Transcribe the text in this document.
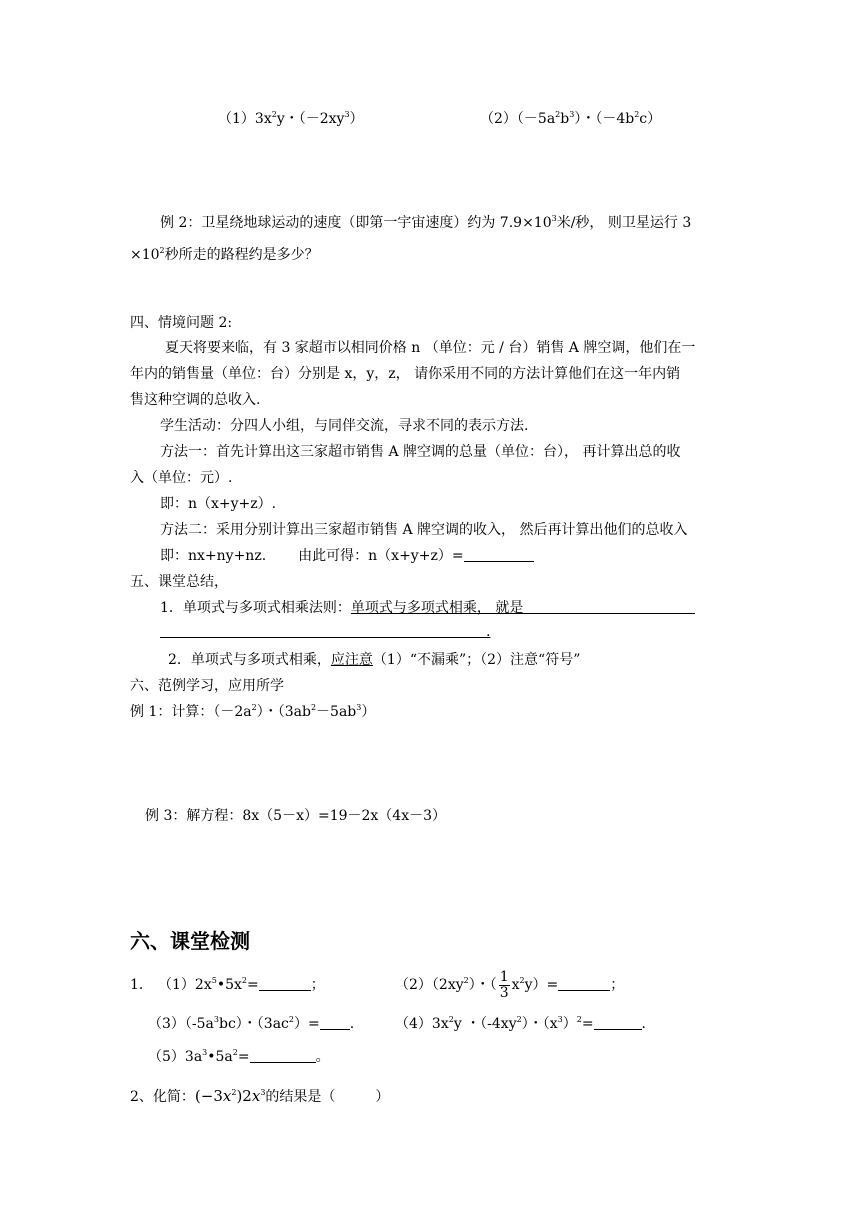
$(1)3x^2y$・$(-2xy^3)$	$(2)(-5a^2b^3)$・$(-4b^2c)$
例 2：卫星绕地球运动的速度（即第一宇宙速度）约为 $7.9\times 10^3$米/秒， 则卫星运行 3
$\times 10^2$秒所走的路程约是多少？
四、情境问题 2:
夏天将要来临，有 3 家超市以相同价格 n （单位：元 / 台）销售 A 牌空调，他们在一
年内的销售量（单位：台）分别是 x，y，z， 请你采用不同的方法计算他们在这一年内销
售这种空调的总收入.
学生活动：分四人小组，与同伴交流，寻求不同的表示方法.
方法一：首先计算出这三家超市销售 A 牌空调的总量（单位：台）， 再计算出总的收
入（单位：元）.
即：n（x+y+z）.
方法二：采用分别计算出三家超市销售 A 牌空调的收入， 然后再计算出他们的总收入
即：nx+ny+nz. 由此可得：n（x+y+z）=
五、课堂总结，
1．单项式与多项式相乘法则：单项式与多项式相乘， 就是
.
2．单项式与多项式相乘，应注意（1）“不漏乘”；（2）注意“符号”
六、范例学习，应用所学
例 1：计算：$(-2a^2)$・$(3ab^2-5ab^3)$
例 3：解方程：8x（5－x）=19－2x（4x－3）
六、课堂检测
1． $(1)2x^5•5x^2=$	；	$(2)(2xy^2)$・（ $\frac{1}{3} x^2y)=$	；
$(3)(-5a^3bc)$・$(3ac^2)=$ .	$(4)3x^2y$ ・$(-4xy^2)$・$(x^3)^2=$	.
$(5)3a^3•5a^2=$	。
2、化简：$(-3x^2)2x^3$的结果是（	）
